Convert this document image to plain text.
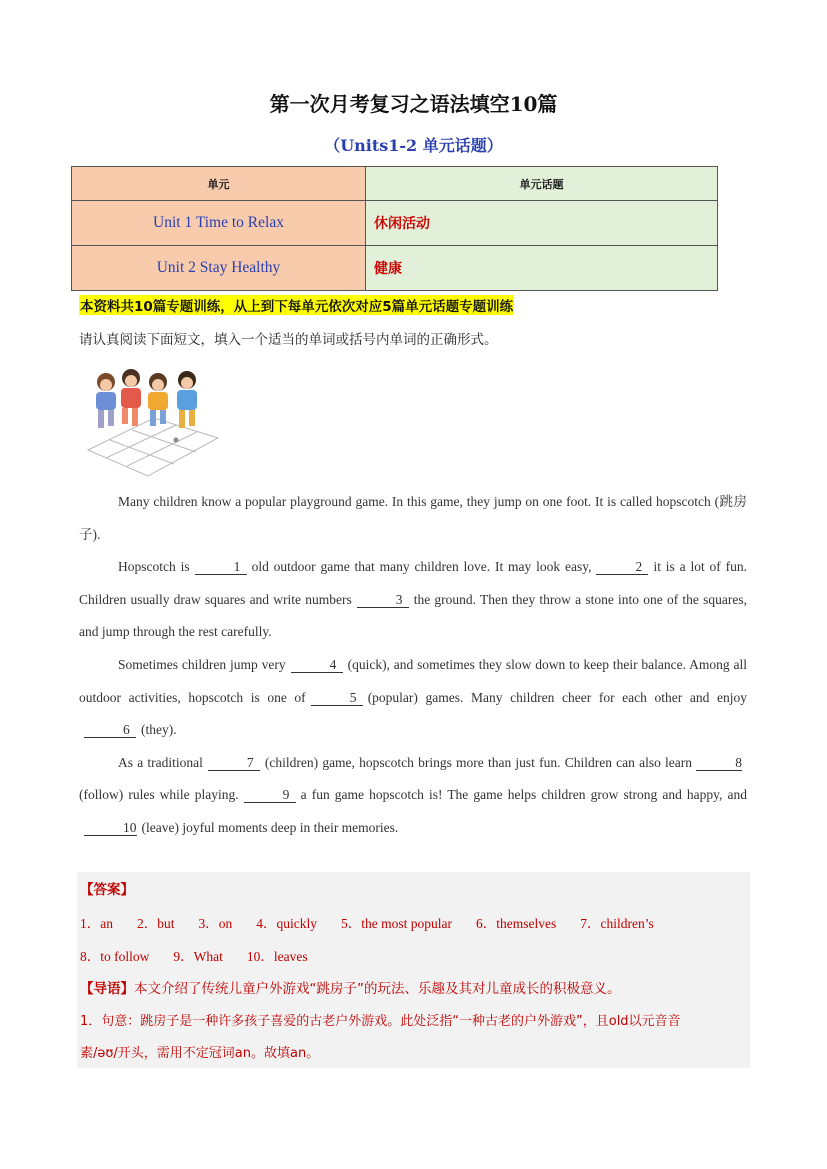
第一次月考复习之语法填空10篇
（Units1-2 单元话题）
单元	单元话题
Unit 1 Time to Relax	休闲活动
Unit 2 Stay Healthy	健康
本资料共10篇专题训练，从上到下每单元依次对应5篇单元话题专题训练
请认真阅读下面短文，填入一个适当的单词或括号内单词的正确形式。

Many children know a popular playground game. In this game, they jump on one foot. It is called hopscotch (跳房子).

Hopscotch is	1 old outdoor game that many children love. It may look easy,	2 it is a lot of fun. Children usually draw squares and write numbers	3 the ground. Then they throw a stone into one of the squares, and jump through the rest carefully.

Sometimes children jump very	4 (quick), and sometimes they slow down to keep their balance. Among all outdoor activities, hopscotch is one of	5 (popular) games. Many children cheer for each other and enjoy6 (they).

As a traditional	7 (children) game, hopscotch brings more than just fun. Children can also learn	8(follow) rules while playing.	9 a fun game hopscotch is! The game helps children grow strong and happy, and10 (leave) joyful moments deep in their memories.

【答案】
1．an 2．but 3．on 4．quickly 5．the most popular 6．themselves 7．children’s
8．to follow 9．What 10．leaves
【导语】本文介绍了传统儿童户外游戏“跳房子”的玩法、乐趣及其对儿童成长的积极意义。
1．句意：跳房子是一种许多孩子喜爱的古老户外游戏。此处泛指“一种古老的户外游戏”，且old以元音音
素/əʊ/开头，需用不定冠词an。故填an。
